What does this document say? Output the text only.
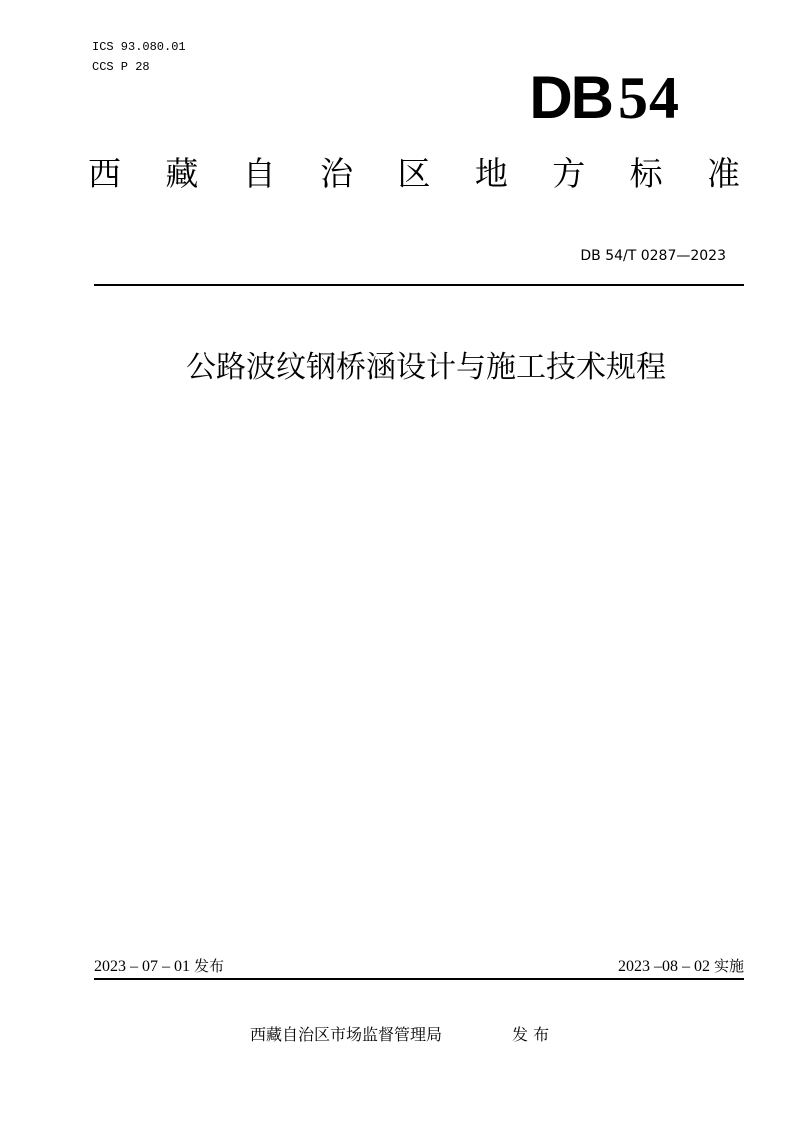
ICS 93.080.01
CCS P 28	DB 54
西 藏 自 治 区 地 方 标 准
DB 54/T 0287—2023
公路波纹钢桥涵设计与施工技术规程
2023 – 07 – 01 发布	2023 –08 – 02 实施
西藏自治区市场监督管理局	发 布
